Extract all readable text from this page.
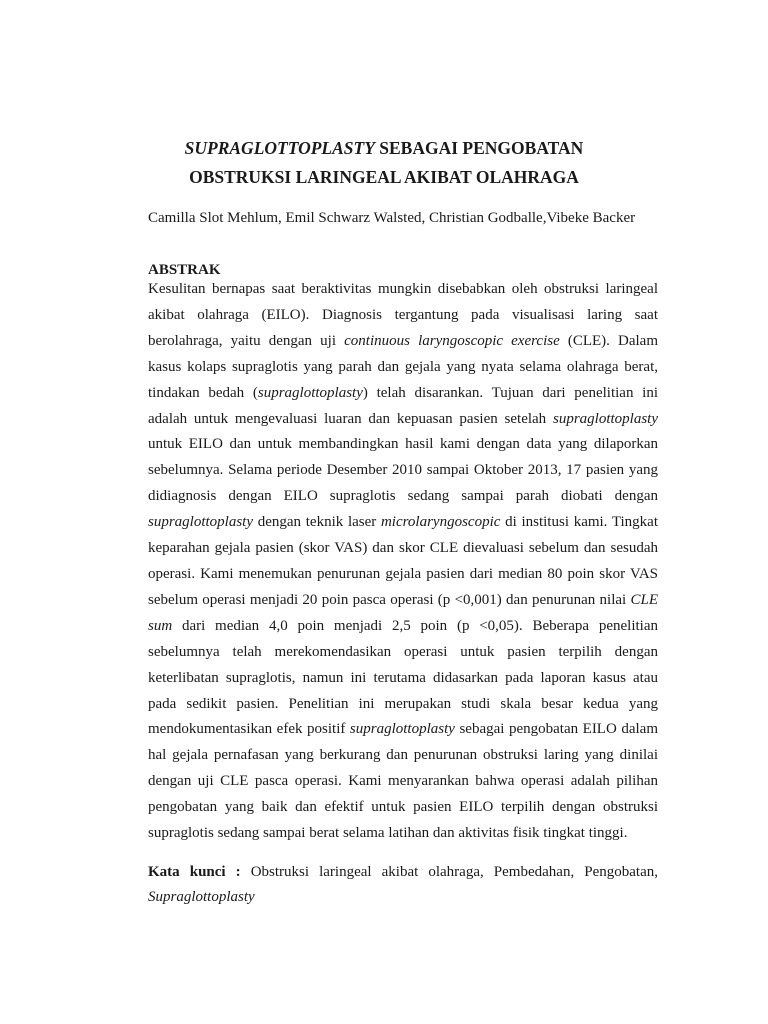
SUPRAGLOTTOPLASTY SEBAGAI PENGOBATAN
OBSTRUKSI LARINGEAL AKIBAT OLAHRAGA
Camilla Slot Mehlum, Emil Schwarz Walsted, Christian Godballe,Vibeke Backer
ABSTRAK

Kesulitan bernapas saat beraktivitas mungkin disebabkan oleh obstruksi laringeal akibat olahraga (EILO). Diagnosis tergantung pada visualisasi laring saat berolahraga, yaitu dengan uji continuous laryngoscopic exercise (CLE). Dalam kasus kolaps supraglotis yang parah dan gejala yang nyata selama olahraga berat, tindakan bedah (supraglottoplasty) telah disarankan. Tujuan dari penelitian ini adalah untuk mengevaluasi luaran dan kepuasan pasien setelah supraglottoplasty untuk EILO dan untuk membandingkan hasil kami dengan data yang dilaporkan sebelumnya. Selama periode Desember 2010 sampai Oktober 2013, 17 pasien yang didiagnosis dengan EILO supraglotis sedang sampai parah diobati dengan supraglottoplasty dengan teknik laser microlaryngoscopic di institusi kami. Tingkat keparahan gejala pasien (skor VAS) dan skor CLE dievaluasi sebelum dan sesudah operasi. Kami menemukan penurunan gejala pasien dari median 80 poin skor VAS sebelum operasi menjadi 20 poin pasca operasi (p <0,001) dan penurunan nilai CLE sum dari median 4,0 poin menjadi 2,5 poin (p <0,05). Beberapa penelitian sebelumnya telah merekomendasikan operasi untuk pasien terpilih dengan keterlibatan supraglotis, namun ini terutama didasarkan pada laporan kasus atau pada sedikit pasien. Penelitian ini merupakan studi skala besar kedua yang mendokumentasikan efek positif supraglottoplasty sebagai pengobatan EILO dalam hal gejala pernafasan yang berkurang dan penurunan obstruksi laring yang dinilai dengan uji CLE pasca operasi. Kami menyarankan bahwa operasi adalah pilihan pengobatan yang baik dan efektif untuk pasien EILO terpilih dengan obstruksi supraglotis sedang sampai berat selama latihan dan aktivitas fisik tingkat tinggi.

Kata kunci : Obstruksi laringeal akibat olahraga, Pembedahan, Pengobatan, Supraglottoplasty
